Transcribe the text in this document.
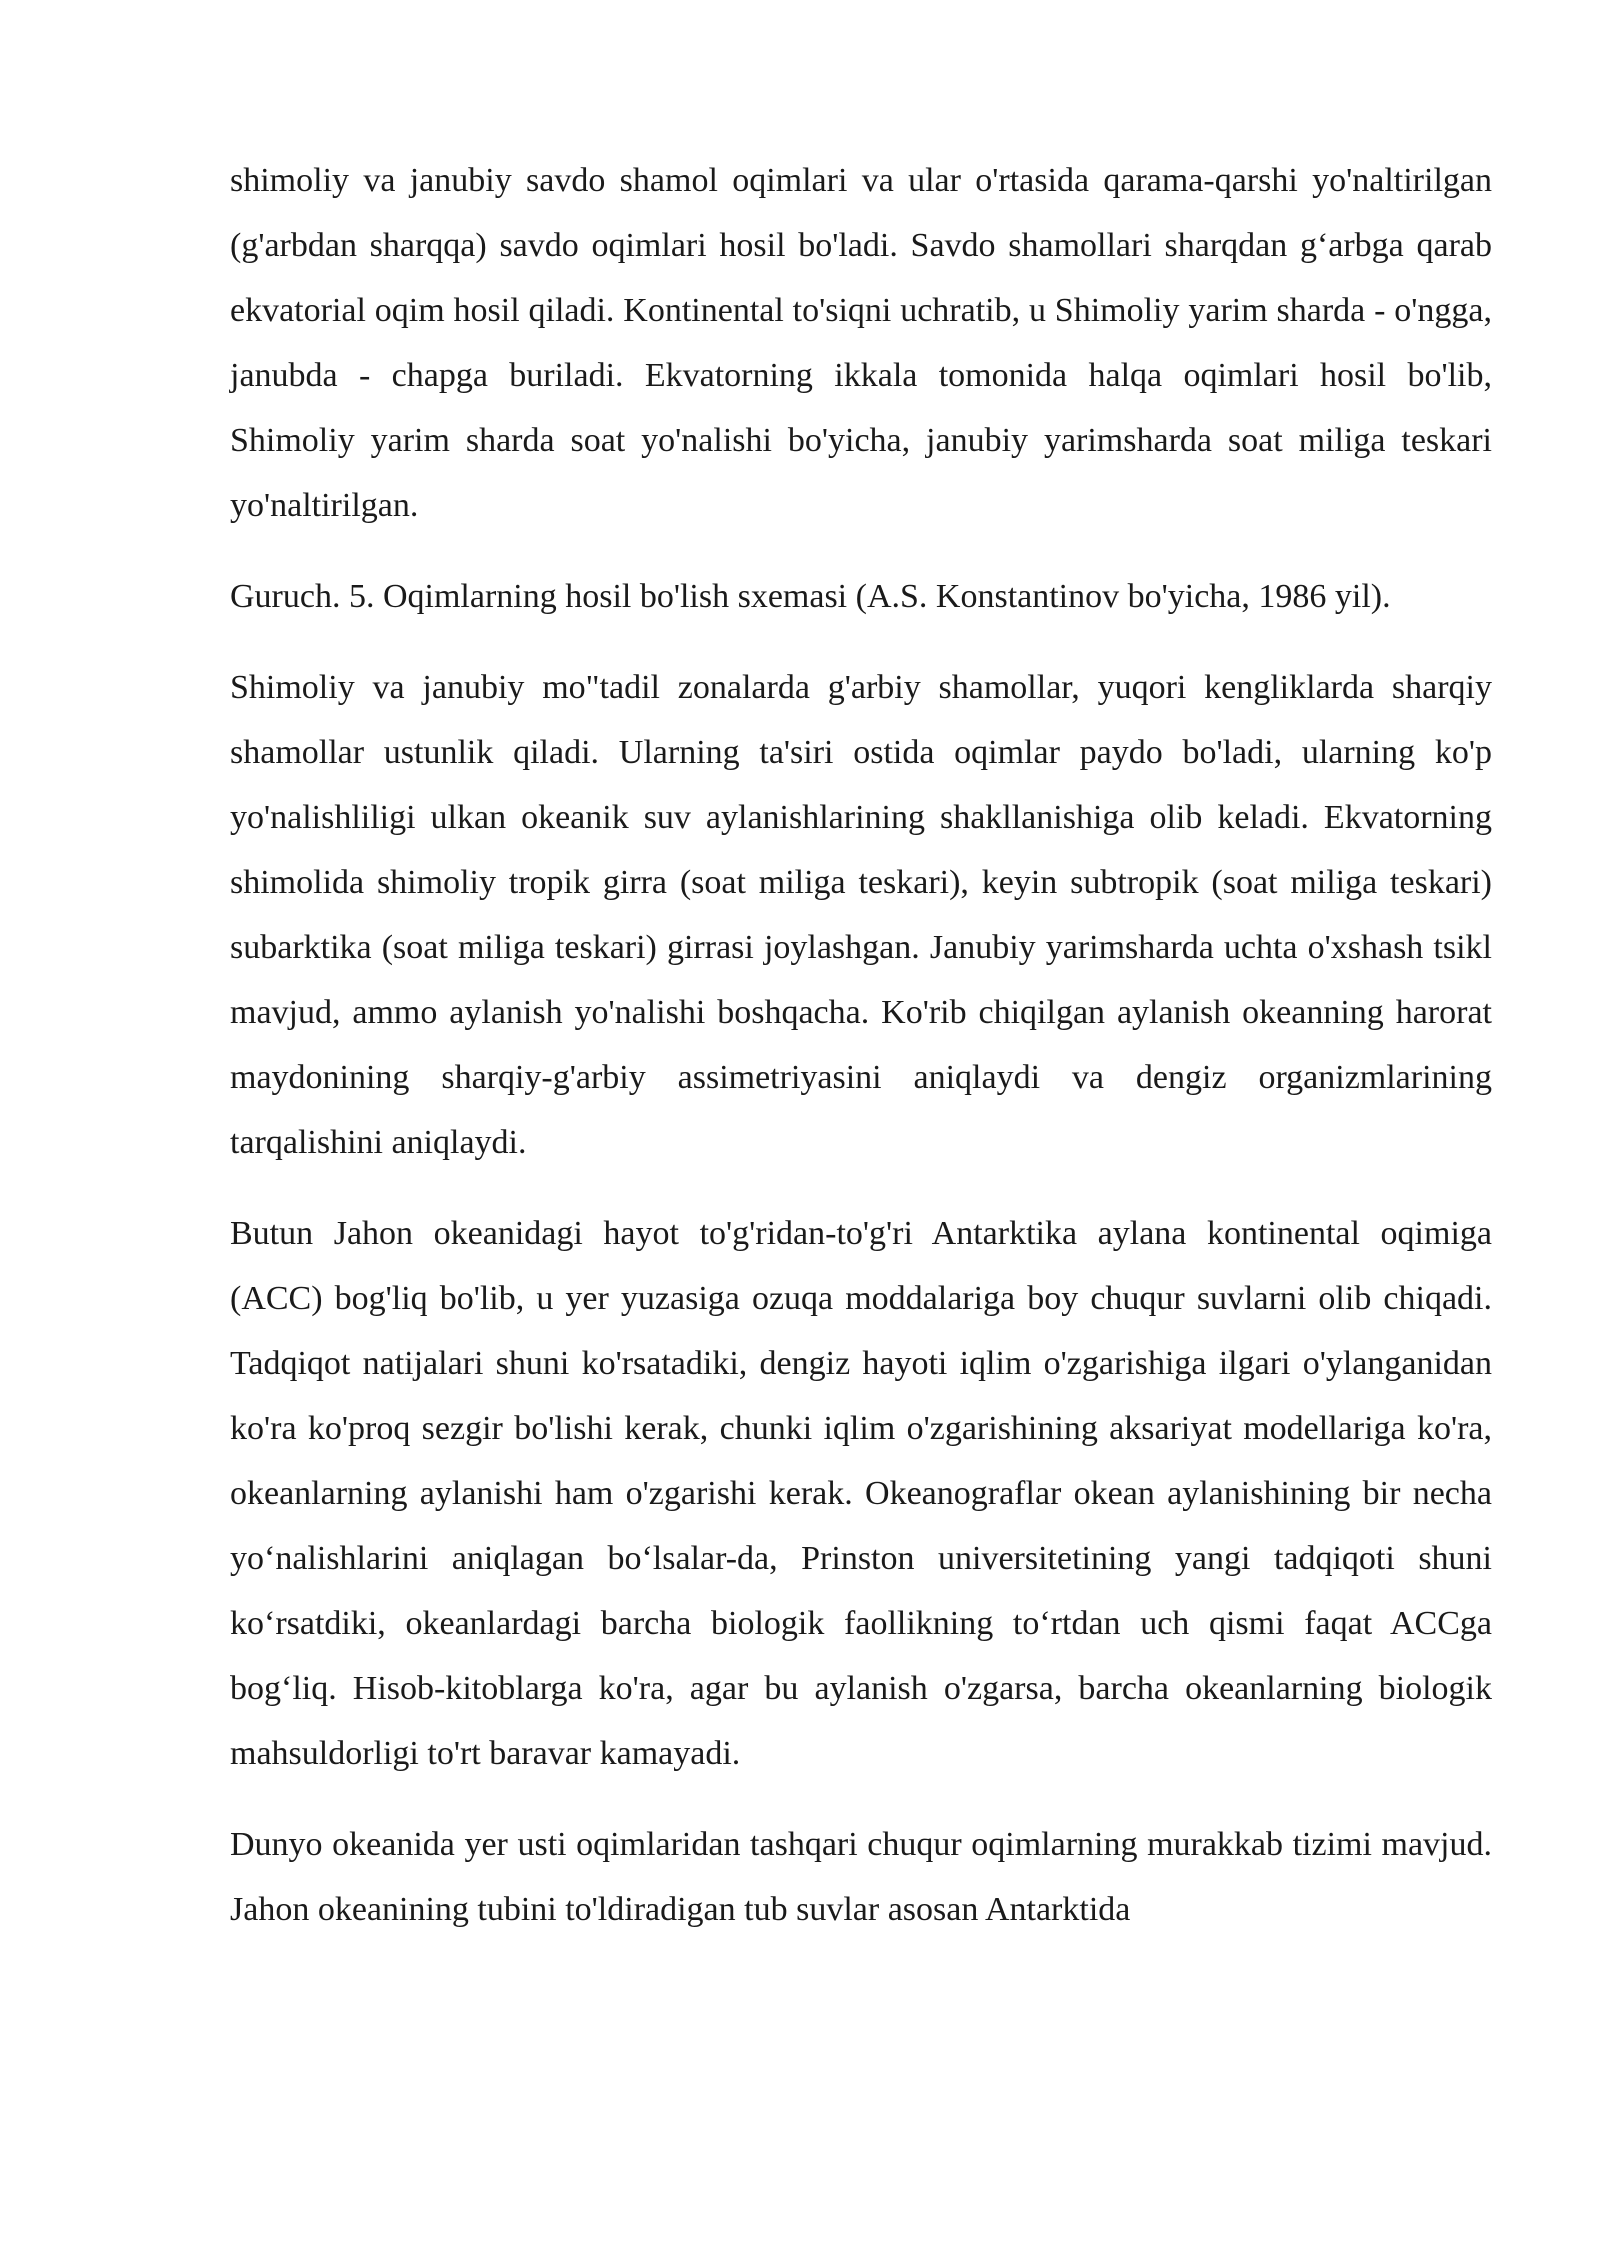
shimoliy va janubiy savdo shamol oqimlari va ular o'rtasida qarama-qarshi yo'naltirilgan (g'arbdan sharqqa) savdo oqimlari hosil bo'ladi. Savdo shamollari sharqdan g‘arbga qarab ekvatorial oqim hosil qiladi. Kontinental to'siqni uchratib, u Shimoliy yarim sharda - o'ngga, janubda - chapga buriladi. Ekvatorning ikkala tomonida halqa oqimlari hosil bo'lib, Shimoliy yarim sharda soat yo'nalishi bo'yicha, janubiy yarimsharda soat miliga teskari yo'naltirilgan.

Guruch. 5. Oqimlarning hosil bo'lish sxemasi (A.S. Konstantinov bo'yicha, 1986 yil).

Shimoliy va janubiy mo"tadil zonalarda g'arbiy shamollar, yuqori kengliklarda sharqiy shamollar ustunlik qiladi. Ularning ta'siri ostida oqimlar paydo bo'ladi, ularning ko'p yo'nalishliligi ulkan okeanik suv aylanishlarining shakllanishiga olib keladi. Ekvatorning shimolida shimoliy tropik girra (soat miliga teskari), keyin subtropik (soat miliga teskari) subarktika (soat miliga teskari) girrasi joylashgan. Janubiy yarimsharda uchta o'xshash tsikl mavjud, ammo aylanish yo'nalishi boshqacha. Ko'rib chiqilgan aylanish okeanning harorat maydonining sharqiy-g'arbiy assimetriyasini aniqlaydi va dengiz organizmlarining tarqalishini aniqlaydi.

Butun Jahon okeanidagi hayot to'g'ridan-to'g'ri Antarktika aylana kontinental oqimiga (ACC) bog'liq bo'lib, u yer yuzasiga ozuqa moddalariga boy chuqur suvlarni olib chiqadi. Tadqiqot natijalari shuni ko'rsatadiki, dengiz hayoti iqlim o'zgarishiga ilgari o'ylanganidan ko'ra ko'proq sezgir bo'lishi kerak, chunki iqlim o'zgarishining aksariyat modellariga ko'ra, okeanlarning aylanishi ham o'zgarishi kerak. Okeanograflar okean aylanishining bir necha yo‘nalishlarini aniqlagan bo‘lsalar-da, Prinston universitetining yangi tadqiqoti shuni ko‘rsatdiki, okeanlardagi barcha biologik faollikning to‘rtdan uch qismi faqat ACCga bog‘liq. Hisob-kitoblarga ko'ra, agar bu aylanish o'zgarsa, barcha okeanlarning biologik mahsuldorligi to'rt baravar kamayadi.

Dunyo okeanida yer usti oqimlaridan tashqari chuqur oqimlarning murakkab tizimi mavjud. Jahon okeanining tubini to'ldiradigan tub suvlar asosan Antarktida
